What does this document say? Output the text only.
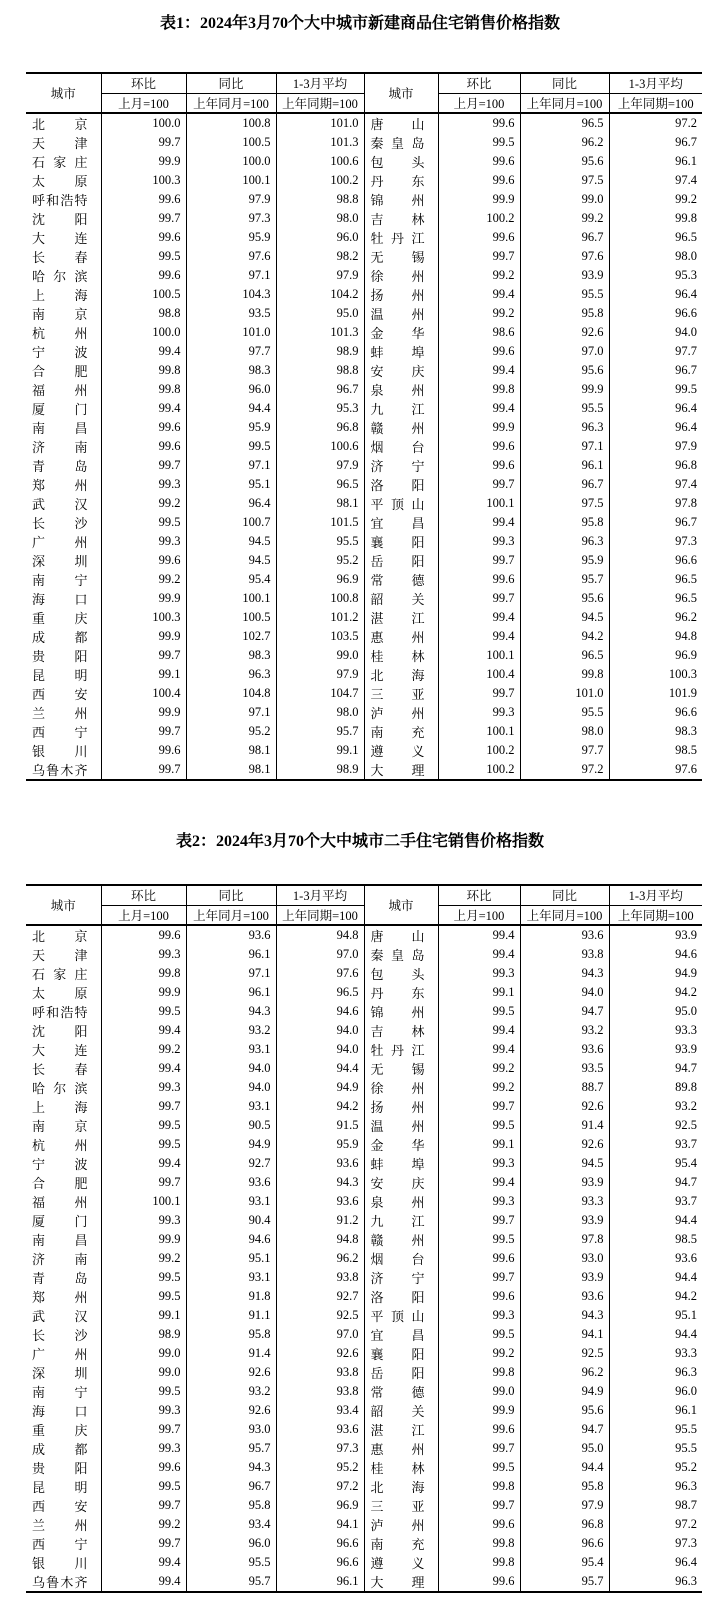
表1：2024年3月70个大中城市新建商品住宅销售价格指数
城市	环比	同比	1-3月平均	城市	环比	同比	1-3月平均
	上月=100	上年同月=100	上年同期=100		上月=100	上年同月=100	上年同期=100
北京	100.0	100.8	101.0	唐山	99.6	96.5	97.2
天津	99.7	100.5	101.3	秦皇岛	99.5	96.2	96.7
石家庄	99.9	100.0	100.6	包头	99.6	95.6	96.1
太原	100.3	100.1	100.2	丹东	99.6	97.5	97.4
呼和浩特	99.6	97.9	98.8	锦州	99.9	99.0	99.2
沈阳	99.7	97.3	98.0	吉林	100.2	99.2	99.8
大连	99.6	95.9	96.0	牡丹江	99.6	96.7	96.5
长春	99.5	97.6	98.2	无锡	99.7	97.6	98.0
哈尔滨	99.6	97.1	97.9	徐州	99.2	93.9	95.3
上海	100.5	104.3	104.2	扬州	99.4	95.5	96.4
南京	98.8	93.5	95.0	温州	99.2	95.8	96.6
杭州	100.0	101.0	101.3	金华	98.6	92.6	94.0
宁波	99.4	97.7	98.9	蚌埠	99.6	97.0	97.7
合肥	99.8	98.3	98.8	安庆	99.4	95.6	96.7
福州	99.8	96.0	96.7	泉州	99.8	99.9	99.5
厦门	99.4	94.4	95.3	九江	99.4	95.5	96.4
南昌	99.6	95.9	96.8	赣州	99.9	96.3	96.4
济南	99.6	99.5	100.6	烟台	99.6	97.1	97.9
青岛	99.7	97.1	97.9	济宁	99.6	96.1	96.8
郑州	99.3	95.1	96.5	洛阳	99.7	96.7	97.4
武汉	99.2	96.4	98.1	平顶山	100.1	97.5	97.8
长沙	99.5	100.7	101.5	宜昌	99.4	95.8	96.7
广州	99.3	94.5	95.5	襄阳	99.3	96.3	97.3
深圳	99.6	94.5	95.2	岳阳	99.7	95.9	96.6
南宁	99.2	95.4	96.9	常德	99.6	95.7	96.5
海口	99.9	100.1	100.8	韶关	99.7	95.6	96.5
重庆	100.3	100.5	101.2	湛江	99.4	94.5	96.2
成都	99.9	102.7	103.5	惠州	99.4	94.2	94.8
贵阳	99.7	98.3	99.0	桂林	100.1	96.5	96.9
昆明	99.1	96.3	97.9	北海	100.4	99.8	100.3
西安	100.4	104.8	104.7	三亚	99.7	101.0	101.9
兰州	99.9	97.1	98.0	泸州	99.3	95.5	96.6
西宁	99.7	95.2	95.7	南充	100.1	98.0	98.3
银川	99.6	98.1	99.1	遵义	100.2	97.7	98.5
乌鲁木齐	99.7	98.1	98.9	大理	100.2	97.2	97.6
表2：2024年3月70个大中城市二手住宅销售价格指数
城市	环比	同比	1-3月平均	城市	环比	同比	1-3月平均
	上月=100	上年同月=100	上年同期=100		上月=100	上年同月=100	上年同期=100
北京	99.6	93.6	94.8	唐山	99.4	93.6	93.9
天津	99.3	96.1	97.0	秦皇岛	99.4	93.8	94.6
石家庄	99.8	97.1	97.6	包头	99.3	94.3	94.9
太原	99.9	96.1	96.5	丹东	99.1	94.0	94.2
呼和浩特	99.5	94.3	94.6	锦州	99.5	94.7	95.0
沈阳	99.4	93.2	94.0	吉林	99.4	93.2	93.3
大连	99.2	93.1	94.0	牡丹江	99.4	93.6	93.9
长春	99.4	94.0	94.4	无锡	99.2	93.5	94.7
哈尔滨	99.3	94.0	94.9	徐州	99.2	88.7	89.8
上海	99.7	93.1	94.2	扬州	99.7	92.6	93.2
南京	99.5	90.5	91.5	温州	99.5	91.4	92.5
杭州	99.5	94.9	95.9	金华	99.1	92.6	93.7
宁波	99.4	92.7	93.6	蚌埠	99.3	94.5	95.4
合肥	99.7	93.6	94.3	安庆	99.4	93.9	94.7
福州	100.1	93.1	93.6	泉州	99.3	93.3	93.7
厦门	99.3	90.4	91.2	九江	99.7	93.9	94.4
南昌	99.9	94.6	94.8	赣州	99.5	97.8	98.5
济南	99.2	95.1	96.2	烟台	99.6	93.0	93.6
青岛	99.5	93.1	93.8	济宁	99.7	93.9	94.4
郑州	99.5	91.8	92.7	洛阳	99.6	93.6	94.2
武汉	99.1	91.1	92.5	平顶山	99.3	94.3	95.1
长沙	98.9	95.8	97.0	宜昌	99.5	94.1	94.4
广州	99.0	91.4	92.6	襄阳	99.2	92.5	93.3
深圳	99.0	92.6	93.8	岳阳	99.8	96.2	96.3
南宁	99.5	93.2	93.8	常德	99.0	94.9	96.0
海口	99.3	92.6	93.4	韶关	99.9	95.6	96.1
重庆	99.7	93.0	93.6	湛江	99.6	94.7	95.5
成都	99.3	95.7	97.3	惠州	99.7	95.0	95.5
贵阳	99.6	94.3	95.2	桂林	99.5	94.4	95.2
昆明	99.5	96.7	97.2	北海	99.8	95.8	96.3
西安	99.7	95.8	96.9	三亚	99.7	97.9	98.7
兰州	99.2	93.4	94.1	泸州	99.6	96.8	97.2
西宁	99.7	96.0	96.6	南充	99.8	96.6	97.3
银川	99.4	95.5	96.6	遵义	99.8	95.4	96.4
乌鲁木齐	99.4	95.7	96.1	大理	99.6	95.7	96.3
